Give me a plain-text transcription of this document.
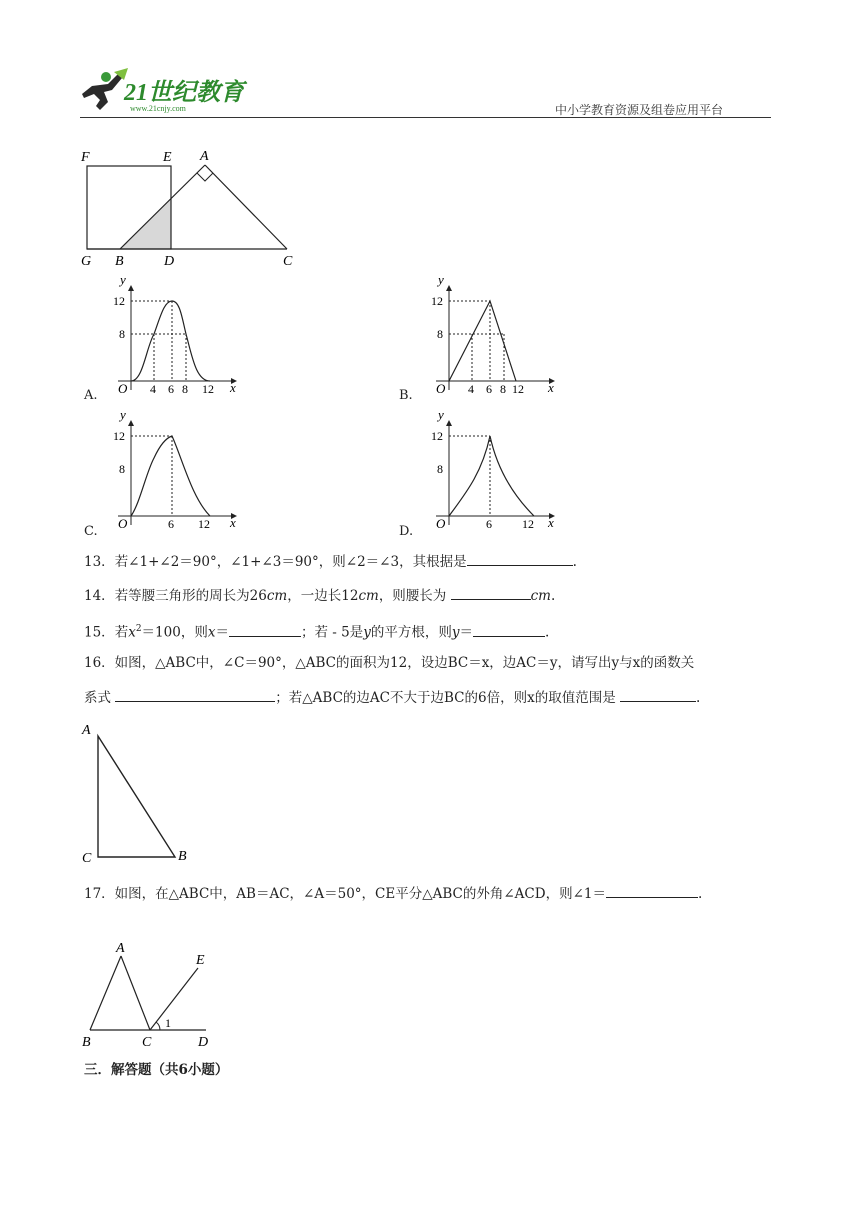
21世纪教育
www.21cnjy.com	中小学教育资源及组卷应用平台
F	E A
G B	D	C
A.
y
x
O
12
8
4 6 8 12	B.
y
x
O
12
8
4 6 8 12
C.
y
x
O
12
8
6 12	D.
y
x
O
12
8
6	12
13．若∠1+∠2＝90°，∠1+∠3＝90°，则∠2＝∠3，其根据是	.
14．若等腰三角形的周长为26cm，一边长12cm，则腰长为	cm.
15．若$x^2=100$，则x＝	；若 - 5是y的平方根，则y＝	.
16．如图，△ABC中，∠C＝90°，△ABC的面积为12，设边BC＝x，边AC＝y，请写出y与x的函数关
系式	；若△ABC的边AC不大于边BC的6倍，则x的取值范围是	.
A
C	B
17．如图，在△ABC中，AB＝AC，∠A＝50°，CE平分△ABC的外角∠ACD，则∠1＝	.
A
E
B	C	D
1
三．解答题（共6小题）
